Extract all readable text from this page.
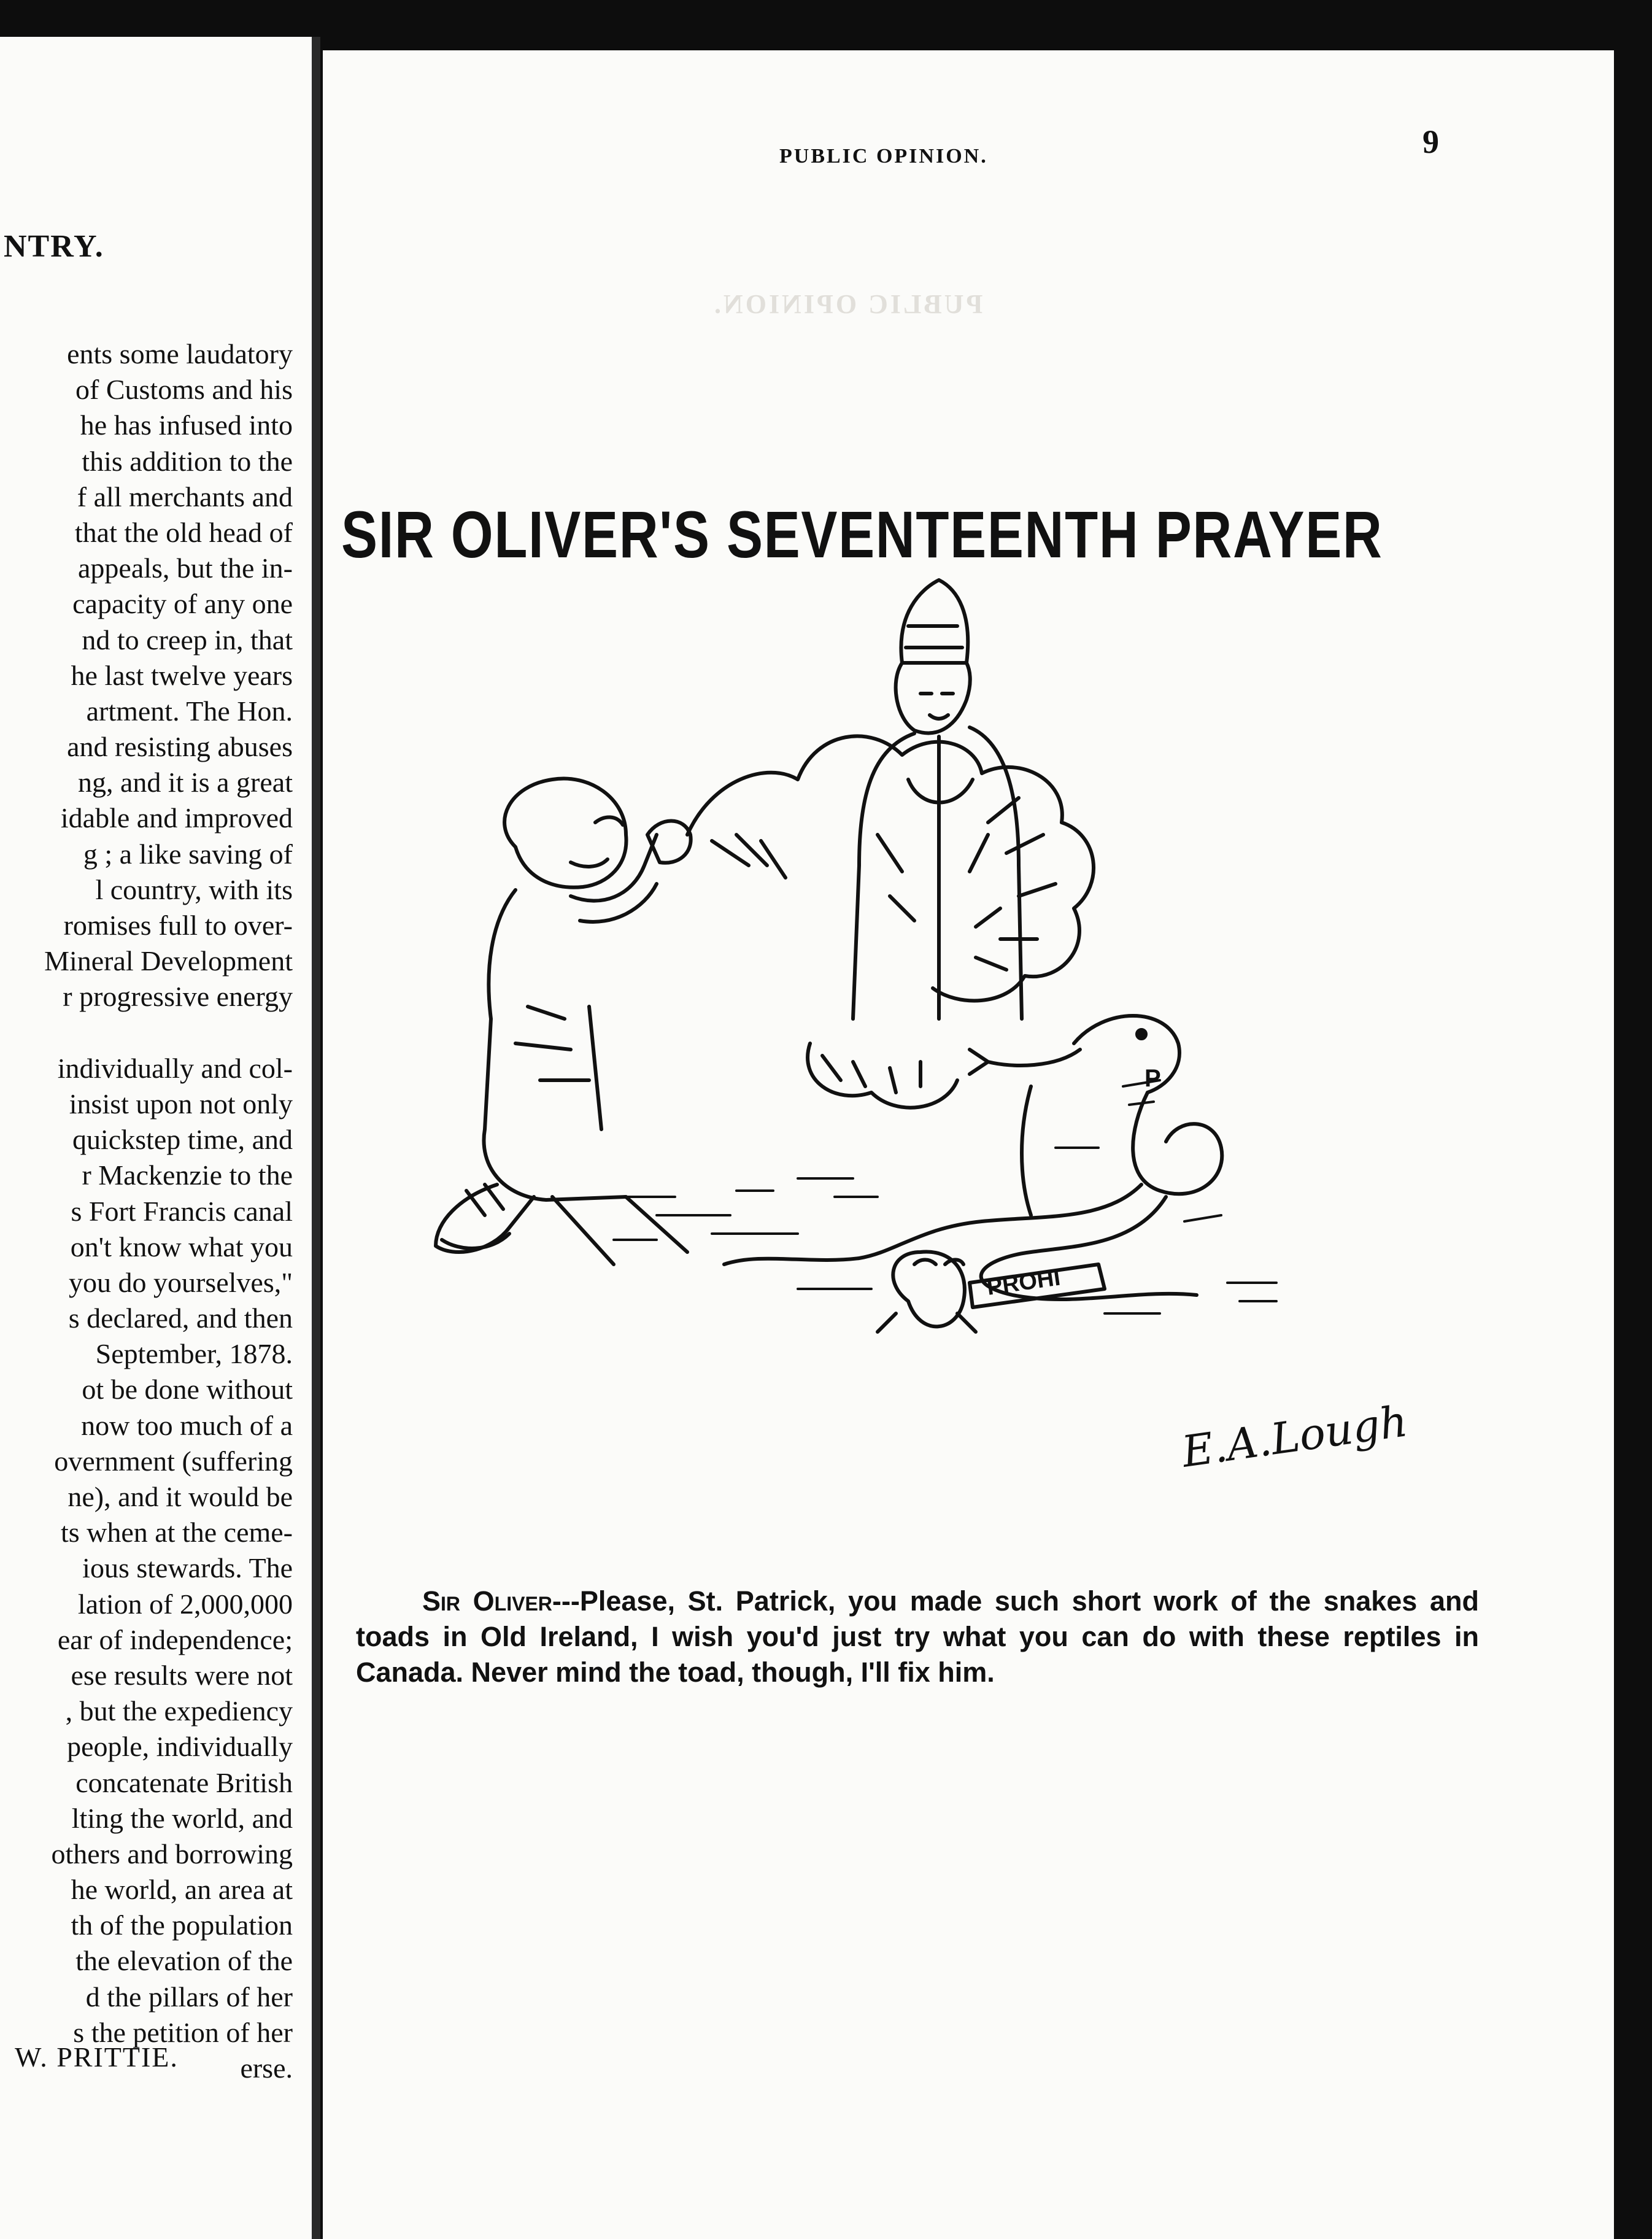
NTRY.
ents some laudatory
of Customs and his
he has infused into
this addition to the
f all merchants and
that the old head of
appeals, but the in-
capacity of any one
nd to creep in, that
he last twelve years
artment. The Hon.
and resisting abuses
ng, and it is a great
idable and improved
g ; a like saving of
l country, with its
romises full to over-
Mineral Development
r progressive energy
individually and col-
insist upon not only
quickstep time, and
r Mackenzie to the
s Fort Francis canal
on't know what you
you do yourselves,"
s declared, and then
September, 1878.
ot be done without
now too much of a
overnment (suffering
ne), and it would be
ts when at the ceme-
ious stewards. The
lation of 2,000,000
ear of independence;
ese results were not
, but the expediency
people, individually
concatenate British
lting the world, and
others and borrowing
he world, an area at
th of the population
the elevation of the
d the pillars of her
s the petition of her
erse.
W. PRITTIE.
PUBLIC OPINION.
PUBLIC OPINION.	9
SIR OLIVER'S SEVENTEENTH PRAYER
P
PROHI
E.A.Lough
Sir Oliver---Please, St. Patrick, you made such short work of the snakes and toads in Old Ireland, I wish you'd just try what you can do with these reptiles in Canada. Never mind the toad, though, I'll fix him.
